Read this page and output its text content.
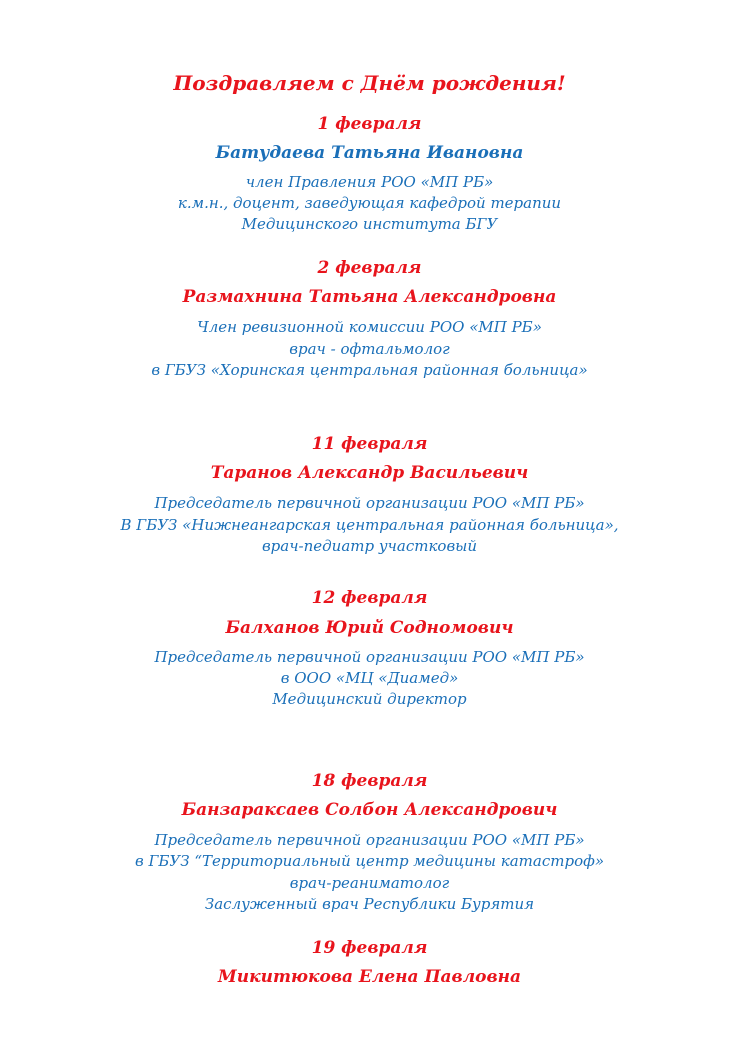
Поздравляем с Днём рождения!
1 февраля
Батудаева Татьяна Ивановна
член Правления РОО «МП РБ»
к.м.н., доцент, заведующая кафедрой терапии
Медицинского института БГУ
2 февраля
Размахнина Татьяна Александровна
Член ревизионной комиссии РОО «МП РБ»
врач - офтальмолог
в ГБУЗ «Хоринская центральная районная больница»
11 февраля
Таранов Александр Васильевич
Председатель первичной организации РОО «МП РБ»
В ГБУЗ «Нижнеангарская центральная районная больница»,
врач-педиатр участковый
12 февраля
Балханов Юрий Содномович
Председатель первичной организации РОО «МП РБ»
в ООО «МЦ «Диамед»
Медицинский директор
18 февраля
Банзараксаев Солбон Александрович
Председатель первичной организации РОО «МП РБ»
в ГБУЗ “Территориальный центр медицины катастроф»
врач-реаниматолог
Заслуженный врач Республики Бурятия
19 февраля
Микитюкова Елена Павловна
